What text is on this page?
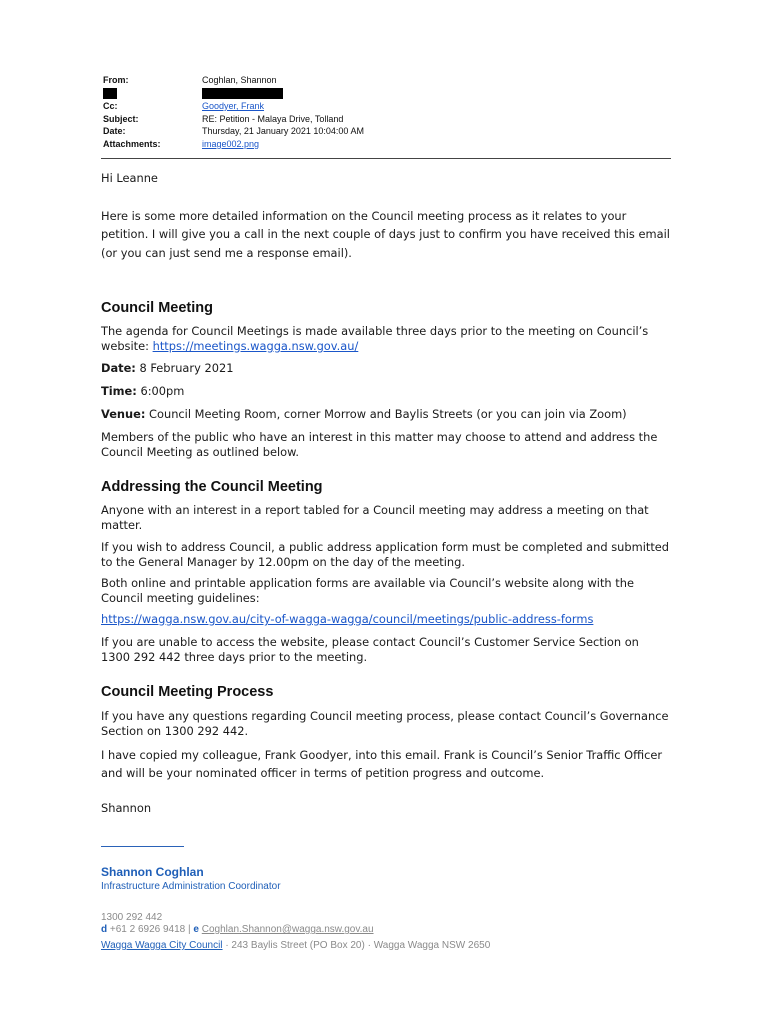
From:	Coghlan, Shannon
Cc:	Goodyer, Frank
Subject:	RE: Petition - Malaya Drive, Tolland
Date:	Thursday, 21 January 2021 10:04:00 AM
Attachments:	image002.png
Hi Leanne
Here is some more detailed information on the Council meeting process as it relates to your petition. I will give you a call in the next couple of days just to confirm you have received this email (or you can just send me a response email).
Council Meeting
The agenda for Council Meetings is made available three days prior to the meeting on Council’s website: https://meetings.wagga.nsw.gov.au/
Date: 8 February 2021
Time: 6:00pm
Venue: Council Meeting Room, corner Morrow and Baylis Streets (or you can join via Zoom)
Members of the public who have an interest in this matter may choose to attend and address the Council Meeting as outlined below.
Addressing the Council Meeting
Anyone with an interest in a report tabled for a Council meeting may address a meeting on that matter.
If you wish to address Council, a public address application form must be completed and submitted to the General Manager by 12.00pm on the day of the meeting.
Both online and printable application forms are available via Council’s website along with the Council meeting guidelines:
https://wagga.nsw.gov.au/city-of-wagga-wagga/council/meetings/public-address-forms
If you are unable to access the website, please contact Council’s Customer Service Section on 1300 292 442 three days prior to the meeting.
Council Meeting Process
If you have any questions regarding Council meeting process, please contact Council’s Governance Section on 1300 292 442.
I have copied my colleague, Frank Goodyer, into this email. Frank is Council’s Senior Traffic Officer and will be your nominated officer in terms of petition progress and outcome.
Shannon
Shannon Coghlan
Infrastructure Administration Coordinator
1300 292 442
d +61 2 6926 9418 | e Coghlan.Shannon@wagga.nsw.gov.au
Wagga Wagga City Council · 243 Baylis Street (PO Box 20) · Wagga Wagga NSW 2650
